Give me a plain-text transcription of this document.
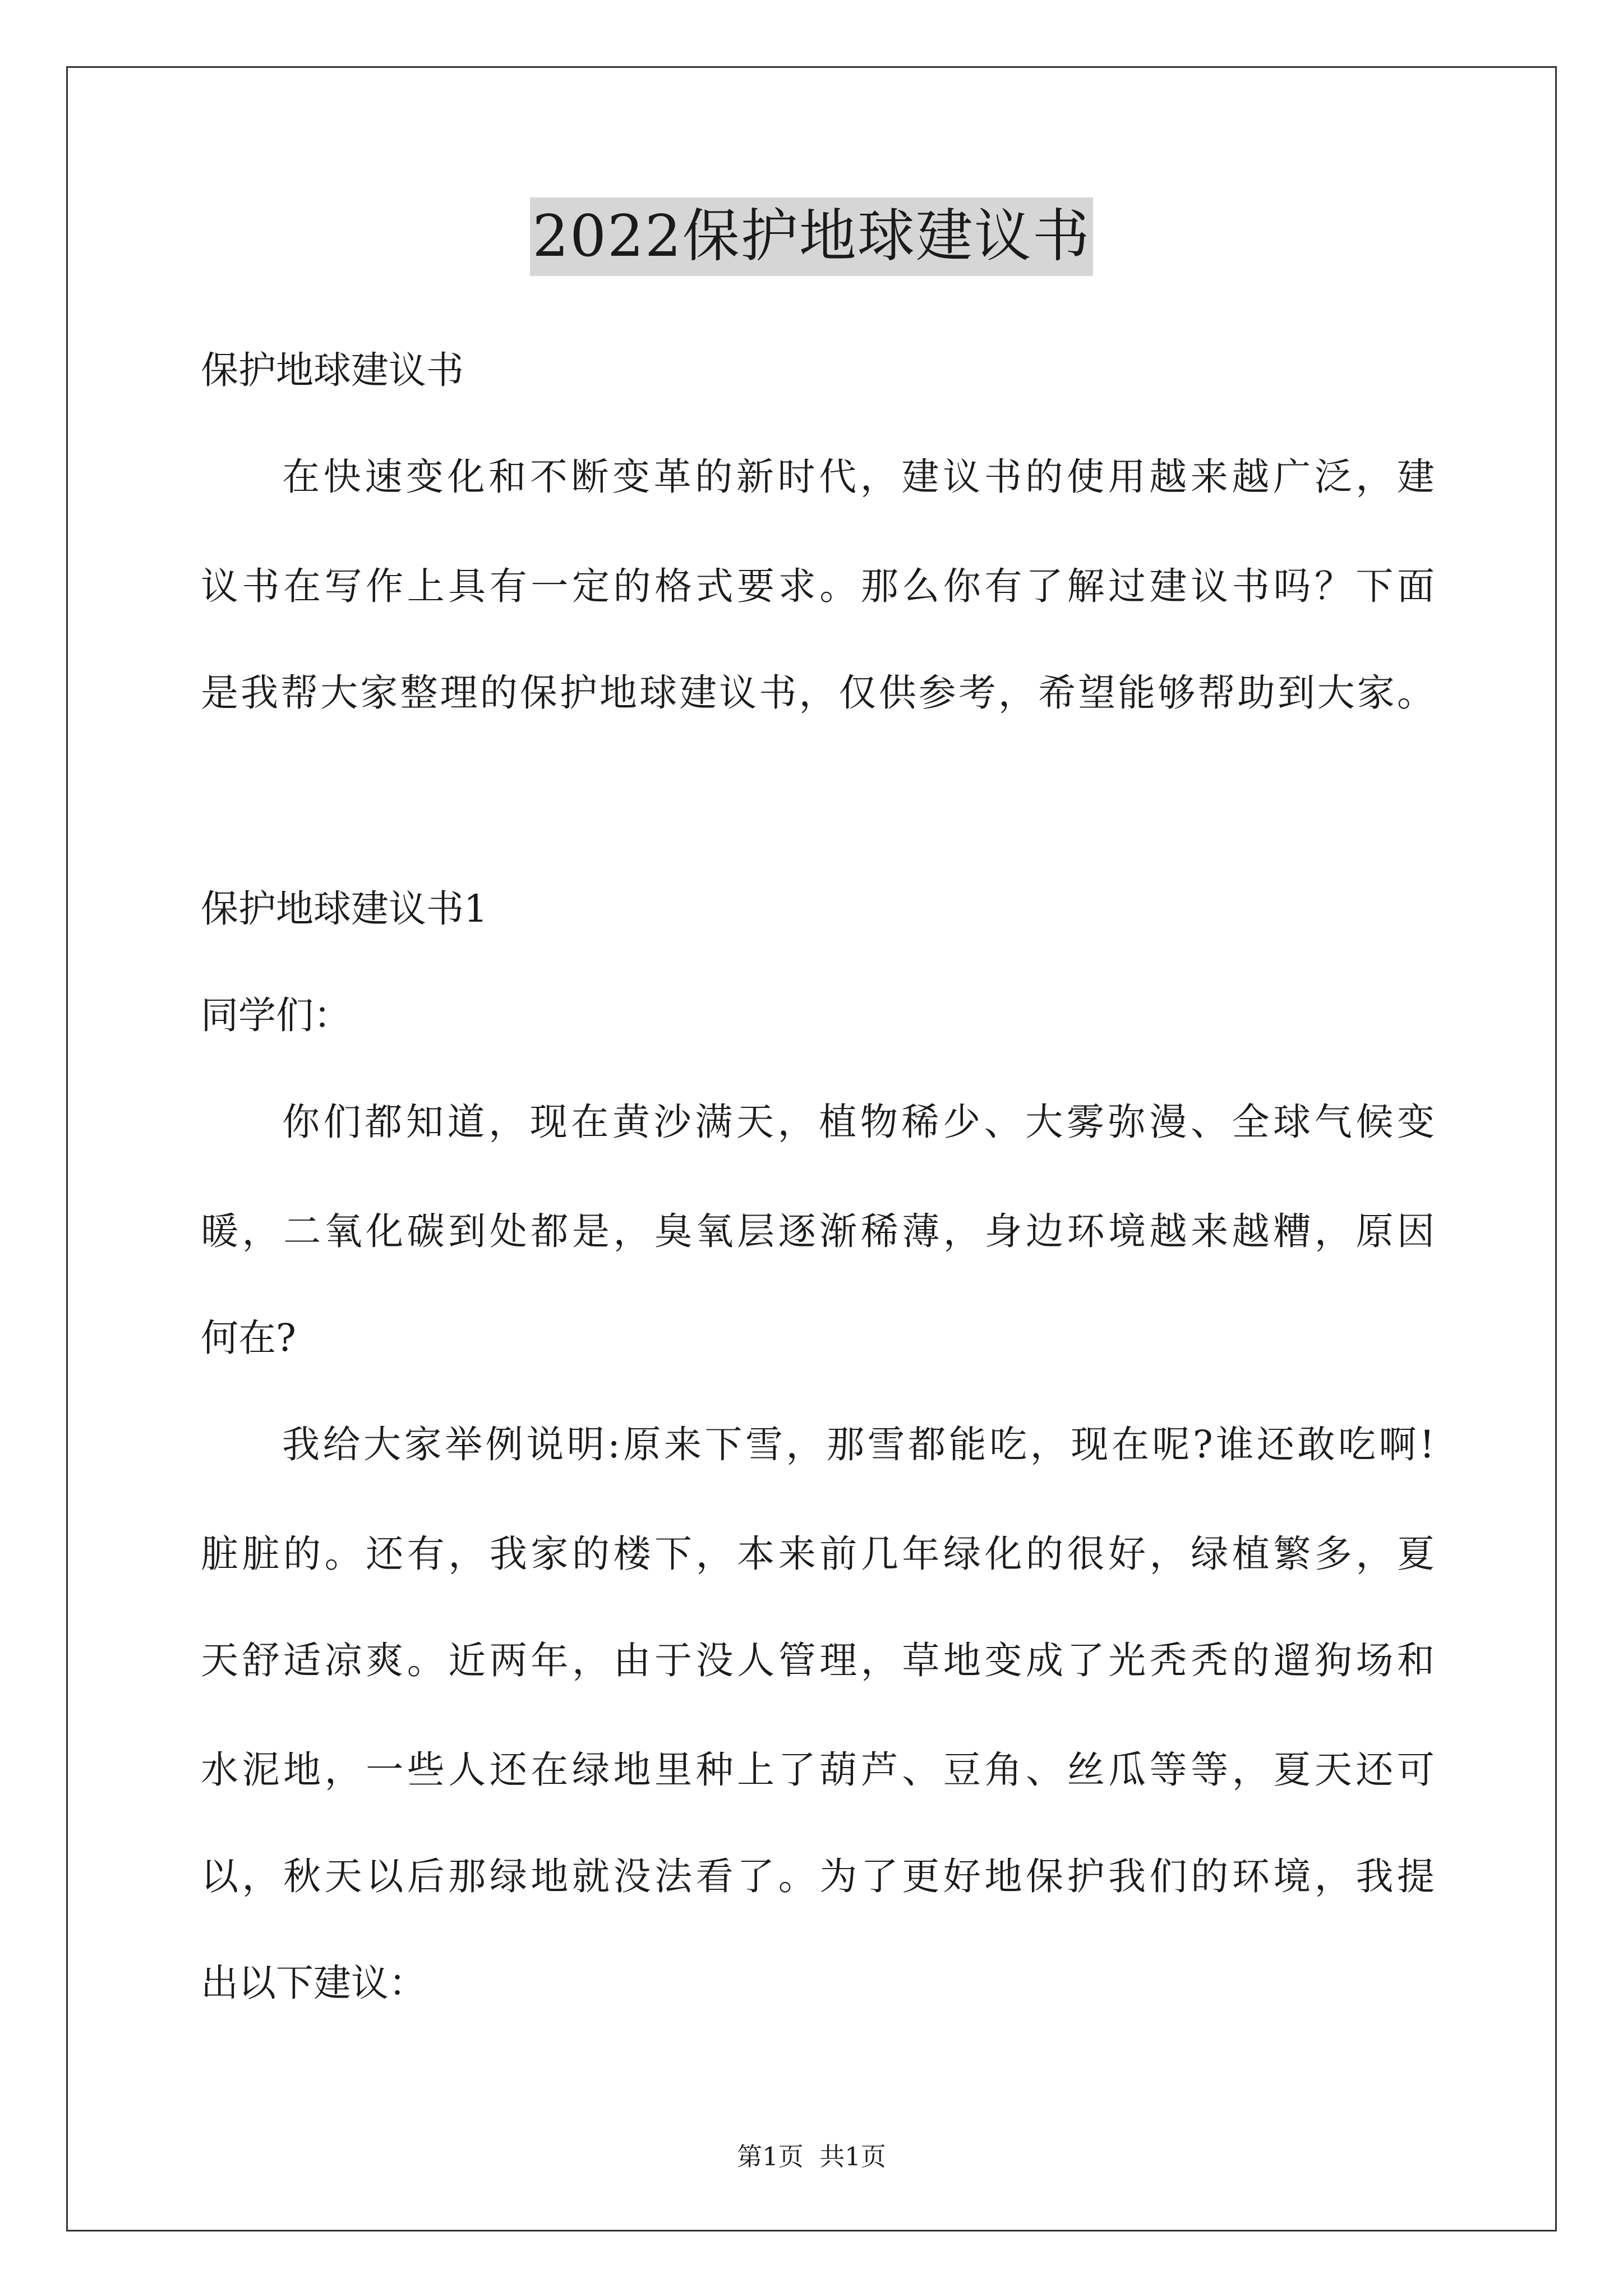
2022保护地球建议书
保护地球建议书
在快速变化和不断变革的新时代，建议书的使用越来越广泛，建
议书在写作上具有一定的格式要求。那么你有了解过建议书吗？下面
是我帮大家整理的保护地球建议书，仅供参考，希望能够帮助到大家。
保护地球建议书1
同学们：
你们都知道，现在黄沙满天，植物稀少、大雾弥漫、全球气候变
暖，二氧化碳到处都是，臭氧层逐渐稀薄，身边环境越来越糟，原因
何在?
我给大家举例说明:原来下雪，那雪都能吃，现在呢?谁还敢吃啊!
脏脏的。还有，我家的楼下，本来前几年绿化的很好，绿植繁多，夏
天舒适凉爽。近两年，由于没人管理，草地变成了光秃秃的遛狗场和
水泥地，一些人还在绿地里种上了葫芦、豆角、丝瓜等等，夏天还可
以，秋天以后那绿地就没法看了。为了更好地保护我们的环境，我提
出以下建议：
第1页  共1页
